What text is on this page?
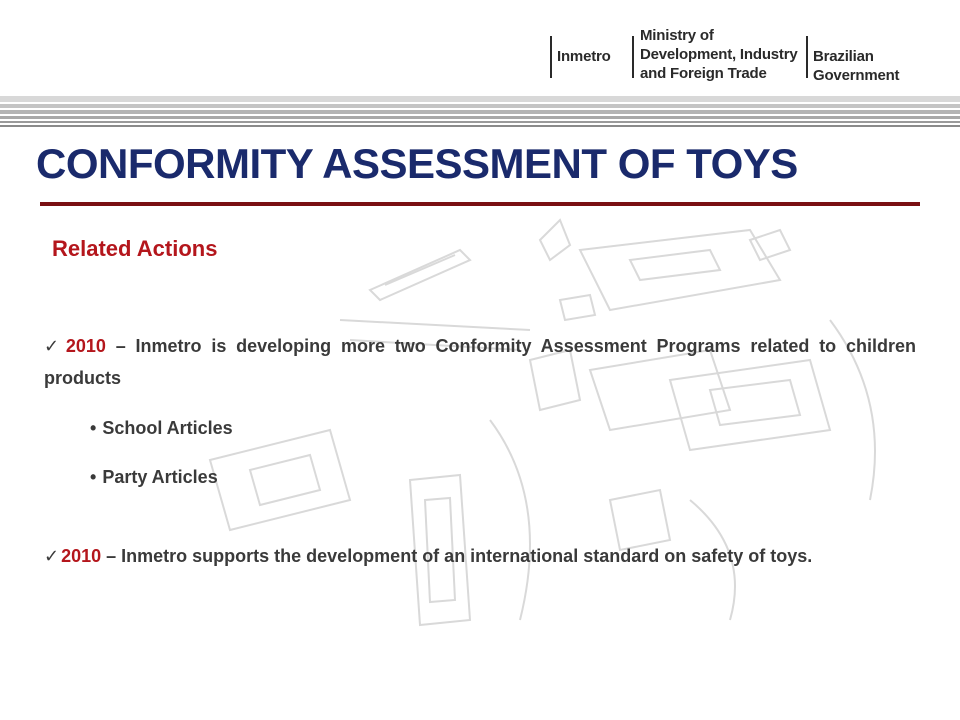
Inmetro
Ministry of
Development, Industry
and Foreign Trade
Brazilian Government
CONFORMITY ASSESSMENT OF TOYS
Related Actions
✓ 2010 – Inmetro is developing more two Conformity Assessment Programs related to children products
• School Articles
• Party Articles
✓ 2010 – Inmetro supports the development of an international standard on safety of toys.
